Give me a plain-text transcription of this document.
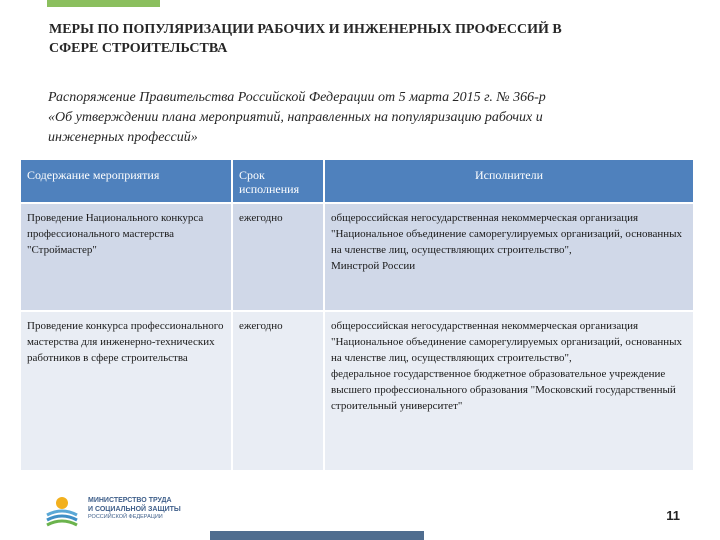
МЕРЫ ПО ПОПУЛЯРИЗАЦИИ РАБОЧИХ И ИНЖЕНЕРНЫХ ПРОФЕССИЙ В
СФЕРЕ СТРОИТЕЛЬСТВА
Распоряжение Правительства Российской Федерации от 5 марта 2015 г. № 366-р
«Об утверждении плана мероприятий, направленных на популяризацию рабочих и
инженерных профессий»
Содержание мероприятия	Срок исполнения	Исполнители
Проведение Национального конкурса профессионального мастерства "Строймастер"	ежегодно	общероссийская негосударственная некоммерческая организация "Национальное объединение саморегулируемых организаций, основанных на членстве лиц, осуществляющих строительство",
Минстрой России

Проведение конкурса профессионального мастерства для инженерно-технических работников в сфере строительства	ежегодно	общероссийская негосударственная некоммерческая организация "Национальное объединение саморегулируемых организаций, основанных на членстве лиц, осуществляющих строительство",
федеральное государственное бюджетное образовательное учреждение высшего профессионального образования "Московский государственный строительный университет"
МИНИСТЕРСТВО ТРУДА
И СОЦИАЛЬНОЙ ЗАЩИТЫ
РОССИЙСКОЙ ФЕДЕРАЦИИ	11
